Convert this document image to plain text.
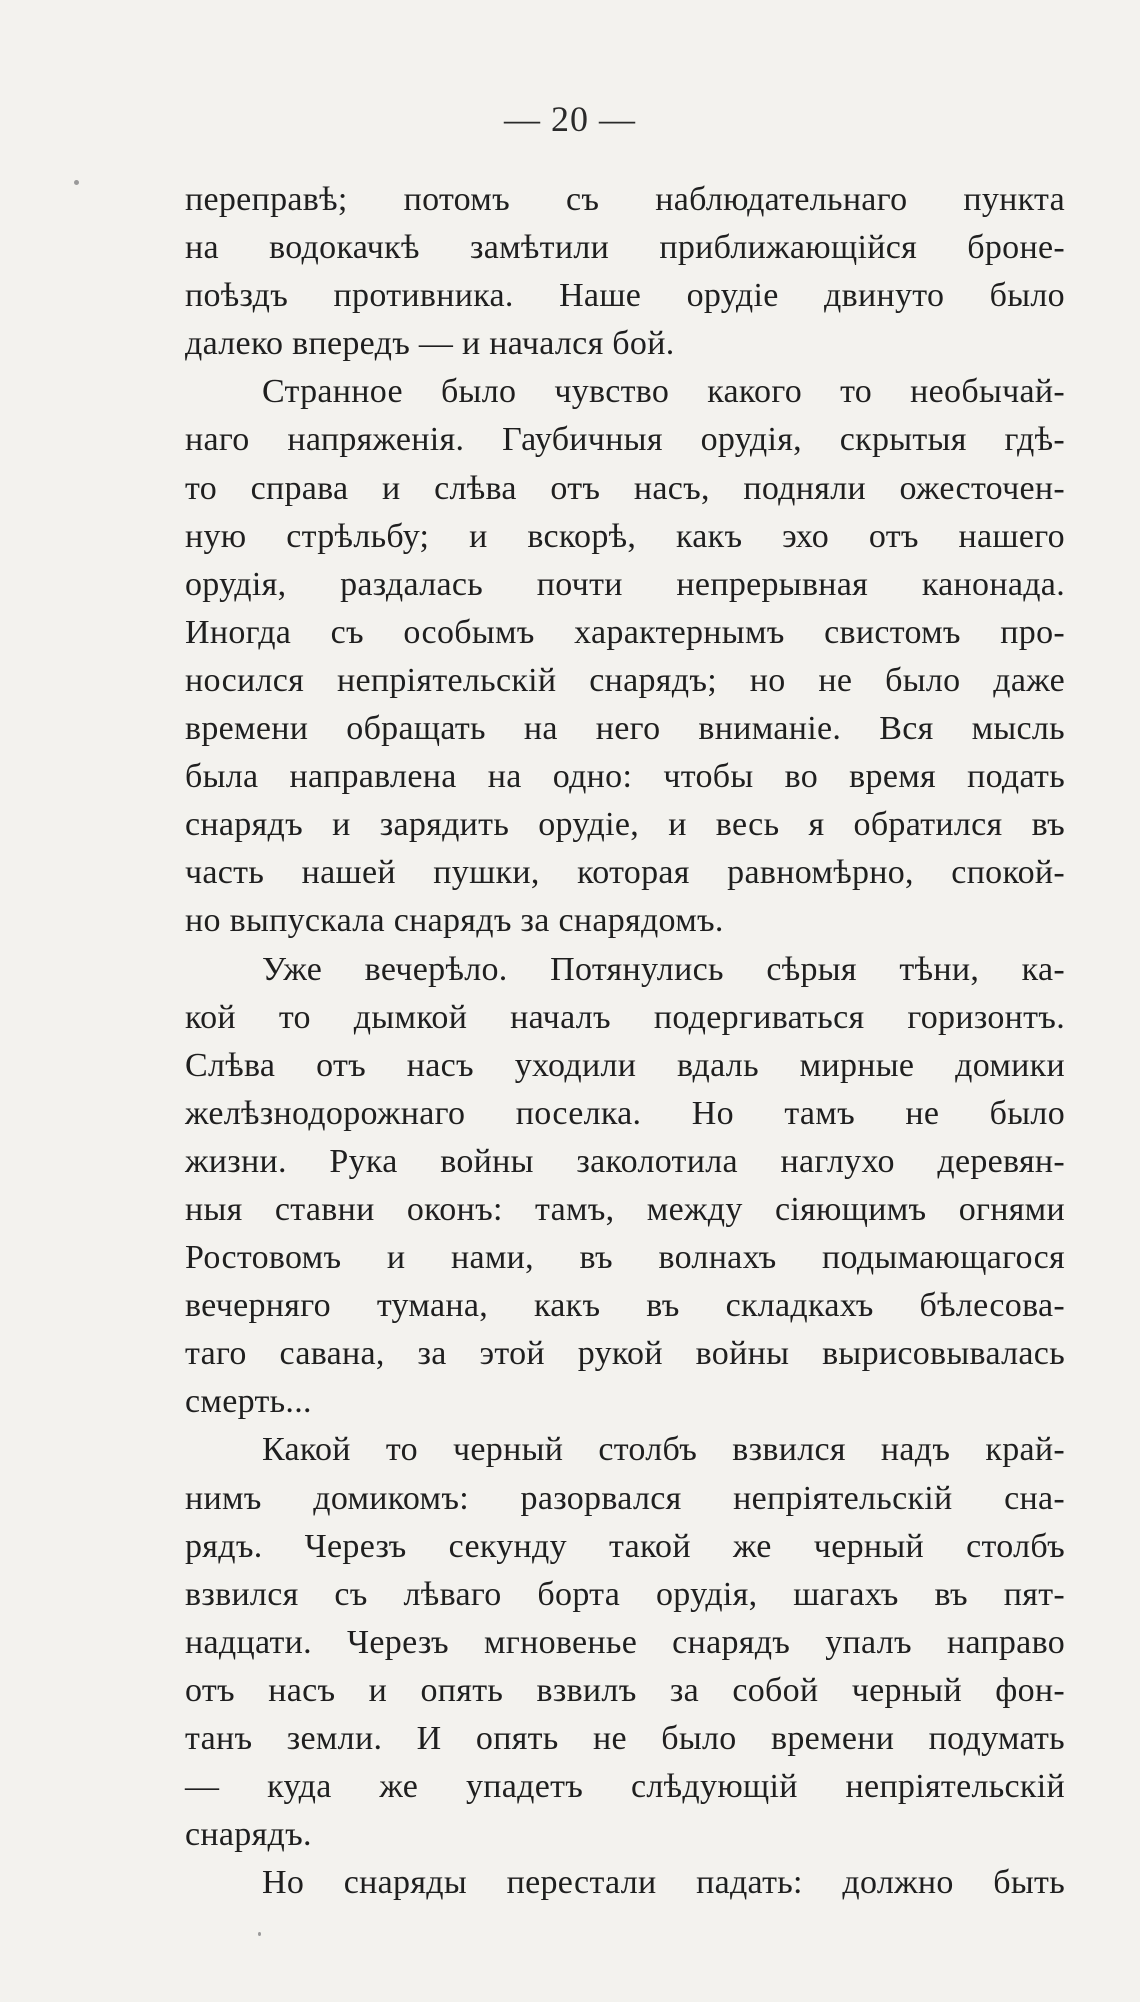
— 20 —
переправѣ; потомъ съ наблюдательнаго пункта
на водокачкѣ замѣтили приближающійся броне-
поѣздъ противника. Наше орудіе двинуто было
далеко впередъ — и начался бой.
Странное было чувство какого то необычай-
наго напряженія. Гаубичныя орудія, скрытыя гдѣ-
то справа и слѣва отъ насъ, подняли ожесточен-
ную стрѣльбу; и вскорѣ, какъ эхо отъ нашего
орудія, раздалась почти непрерывная канонада.
Иногда съ особымъ характернымъ свистомъ про-
носился непріятельскій снарядъ; но не было даже
времени обращать на него вниманіе. Вся мысль
была направлена на одно: чтобы во время подать
снарядъ и зарядить орудіе, и весь я обратился въ
часть нашей пушки, которая равномѣрно, спокой-
но выпускала снарядъ за снарядомъ.
Уже вечерѣло. Потянулись сѣрыя тѣни, ка-
кой то дымкой началъ подергиваться горизонтъ.
Слѣва отъ насъ уходили вдаль мирные домики
желѣзнодорожнаго поселка. Но тамъ не было
жизни. Рука войны заколотила наглухо деревян-
ныя ставни оконъ: тамъ, между сіяющимъ огнями
Ростовомъ и нами, въ волнахъ подымающагося
вечерняго тумана, какъ въ складкахъ бѣлесова-
таго савана, за этой рукой войны вырисовывалась
смерть...
Какой то черный столбъ взвился надъ край-
нимъ домикомъ: разорвался непріятельскій сна-
рядъ. Черезъ секунду такой же черный столбъ
взвился съ лѣваго борта орудія, шагахъ въ пят-
надцати. Черезъ мгновенье снарядъ упалъ направо
отъ насъ и опять взвилъ за собой черный фон-
танъ земли. И опять не было времени подумать
— куда же упадетъ слѣдующій непріятельскій
снарядъ.
Но снаряды перестали падать: должно быть
